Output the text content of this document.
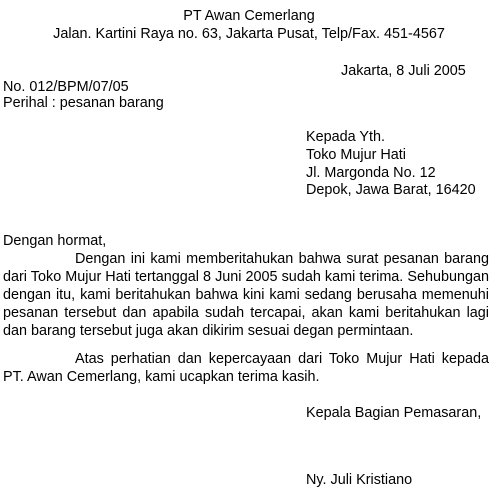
PT Awan Cemerlang
Jalan. Kartini Raya no. 63, Jakarta Pusat, Telp/Fax. 451-4567
Jakarta, 8 Juli 2005
No. 012/BPM/07/05
Perihal : pesanan barang
Kepada Yth.
Toko Mujur Hati
Jl. Margonda No. 12
Depok, Jawa Barat, 16420
Dengan hormat,
Dengan ini kami memberitahukan bahwa surat pesanan barang dari Toko Mujur Hati tertanggal 8 Juni 2005 sudah kami terima. Sehubungan dengan itu, kami beritahukan bahwa kini kami sedang berusaha memenuhi pesanan tersebut dan apabila sudah tercapai, akan kami beritahukan lagi dan barang tersebut juga akan dikirim sesuai degan permintaan.
Atas perhatian dan kepercayaan dari Toko Mujur Hati kepada PT. Awan Cemerlang, kami ucapkan terima kasih.
Kepala Bagian Pemasaran,
Ny. Juli Kristiano
